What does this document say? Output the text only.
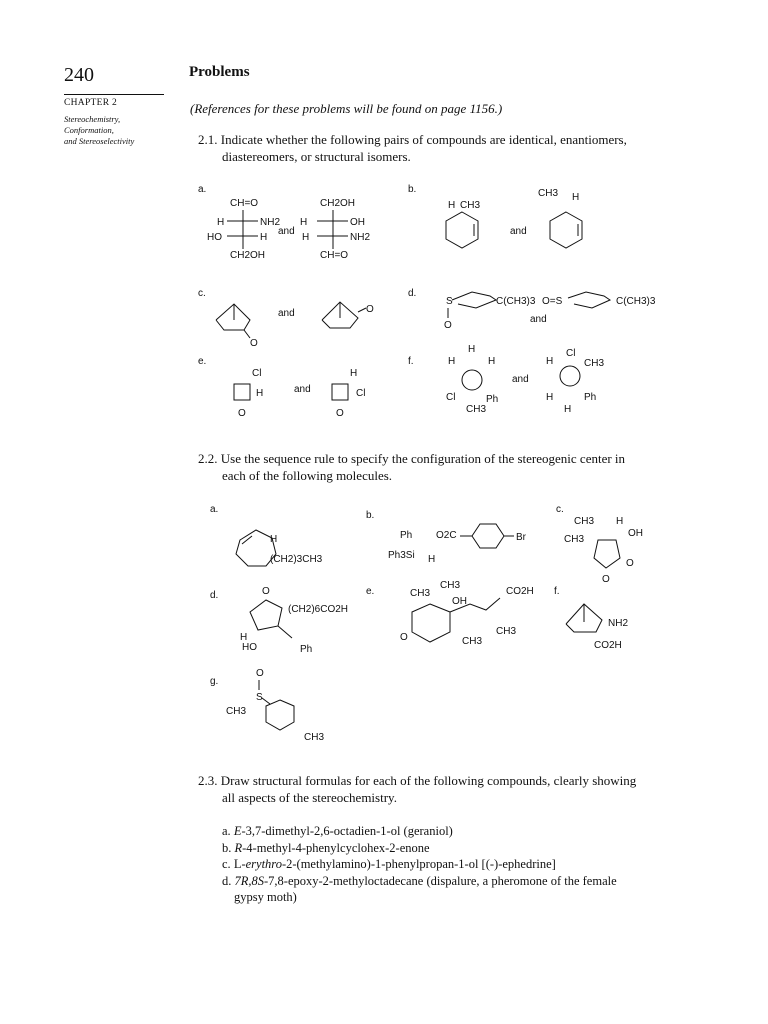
240	Problems
CHAPTER 2
Stereochemistry,
Conformation,
and Stereoselectivity
(References for these problems will be found on page 1156.)
2.1. Indicate whether the following pairs of compounds are identical, enantiomers,
diastereomers, or structural isomers.
a.
CH=O
H	NH2
HO	H
CH2OH
and
CH2OH
H	OH
H	NH2
CH=O
b.
H CH3
and
CH3 H
c.
O
and	O
d.
S	C(CH3)3
O
O=S	C(CH3)3
and
e.
Cl
H
O
and
H
Cl
O
f.
H
H	H
Cl	Ph
CH3
and
Cl
H	CH3
H
H
Ph
2.2. Use the sequence rule to specify the configuration of the stereogenic center in
each of the following molecules.
a.
H
(CH2)3CH3
b.
Ph O2C	Br
Ph3Si H
c.
CH3 H
CH3
OH
O
O
d.	O
(CH2)6CO2H
H
HO	Ph
e.	CH3
CH3
CO2H
OH
O
CH3
CH3
f.
NH2
CO2H
g.
O
S
CH3
CH3
2.3. Draw structural formulas for each of the following compounds, clearly showing
all aspects of the stereochemistry.
a. E-3,7-dimethyl-2,6-octadien-1-ol (geraniol)
b. R-4-methyl-4-phenylcyclohex-2-enone
c. L-erythro-2-(methylamino)-1-phenylpropan-1-ol [(-)-ephedrine]
d. 7R,8S-7,8-epoxy-2-methyloctadecane (dispalure, a pheromone of the female
gypsy moth)
